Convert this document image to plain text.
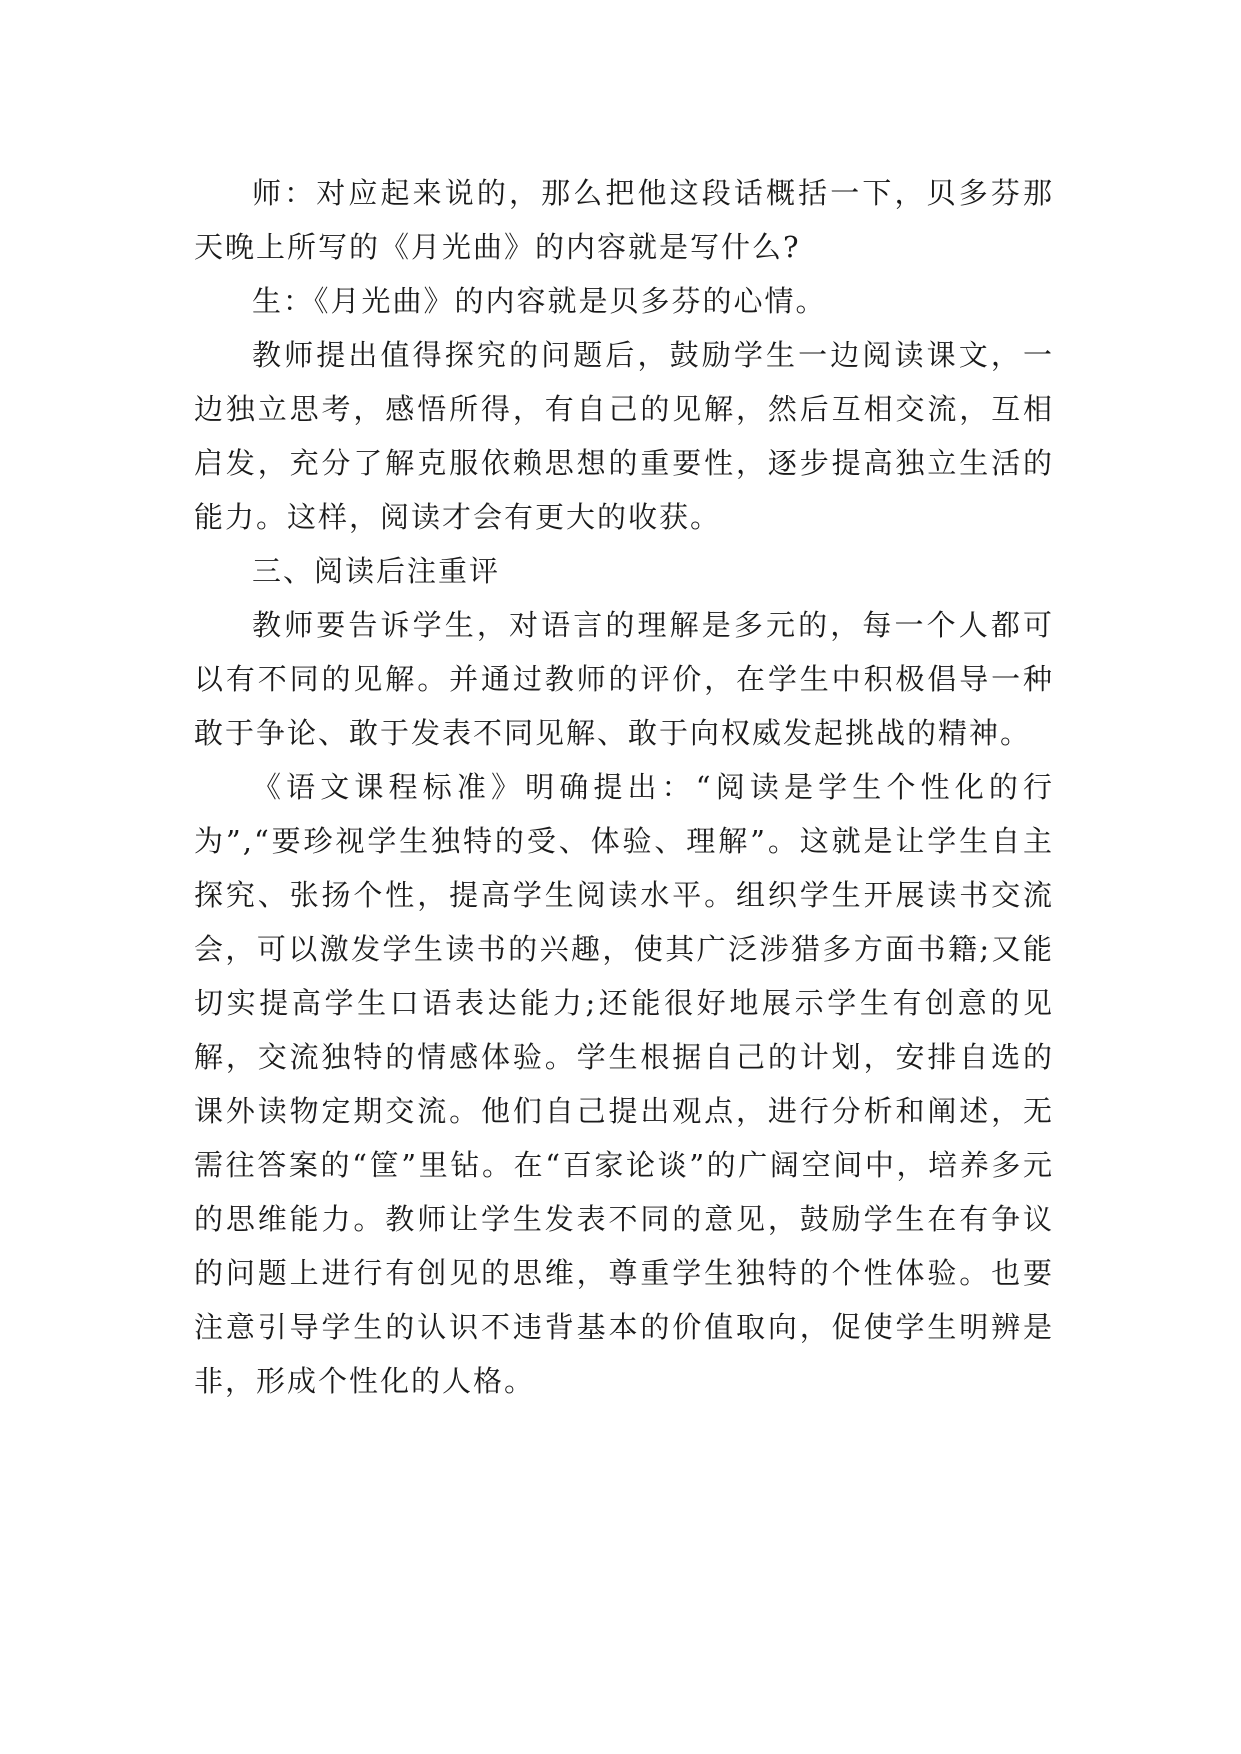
师：对应起来说的，那么把他这段话概括一下，贝多芬那天晚上所写的《月光曲》的内容就是写什么?

生：《月光曲》的内容就是贝多芬的心情。

教师提出值得探究的问题后，鼓励学生一边阅读课文，一边独立思考，感悟所得，有自己的见解，然后互相交流，互相启发，充分了解克服依赖思想的重要性，逐步提高独立生活的能力。这样，阅读才会有更大的收获。

三、阅读后注重评

教师要告诉学生，对语言的理解是多元的，每一个人都可以有不同的见解。并通过教师的评价，在学生中积极倡导一种敢于争论、敢于发表不同见解、敢于向权威发起挑战的精神。

《语文课程标准》明确提出：“阅读是学生个性化的行为”,“要珍视学生独特的受、体验、理解”。这就是让学生自主探究、张扬个性，提高学生阅读水平。组织学生开展读书交流会，可以激发学生读书的兴趣，使其广泛涉猎多方面书籍;又能切实提高学生口语表达能力;还能很好地展示学生有创意的见解，交流独特的情感体验。学生根据自己的计划，安排自选的课外读物定期交流。他们自己提出观点，进行分析和阐述，无需往答案的“筐”里钻。在“百家论谈”的广阔空间中，培养多元的思维能力。教师让学生发表不同的意见，鼓励学生在有争议的问题上进行有创见的思维，尊重学生独特的个性体验。也要注意引导学生的认识不违背基本的价值取向，促使学生明辨是非，形成个性化的人格。
